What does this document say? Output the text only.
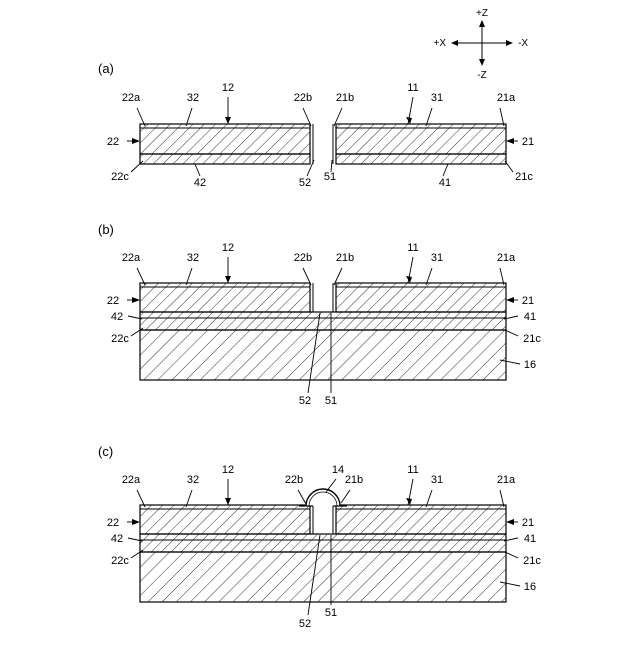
+Z
-Z
+X	-X
(a)
22a	32
12
22b 21b
11
31	21a
22	21
22c	42	52 51	41	21c
(b)
22a	32
12
22b 21b
11
31	21a
22	21
42	41
22c	21c
16
52 51
(c)
22a	32
12
22b
14
21b
11
31	21a
22	21
42	41
22c	21c
16
52
51
